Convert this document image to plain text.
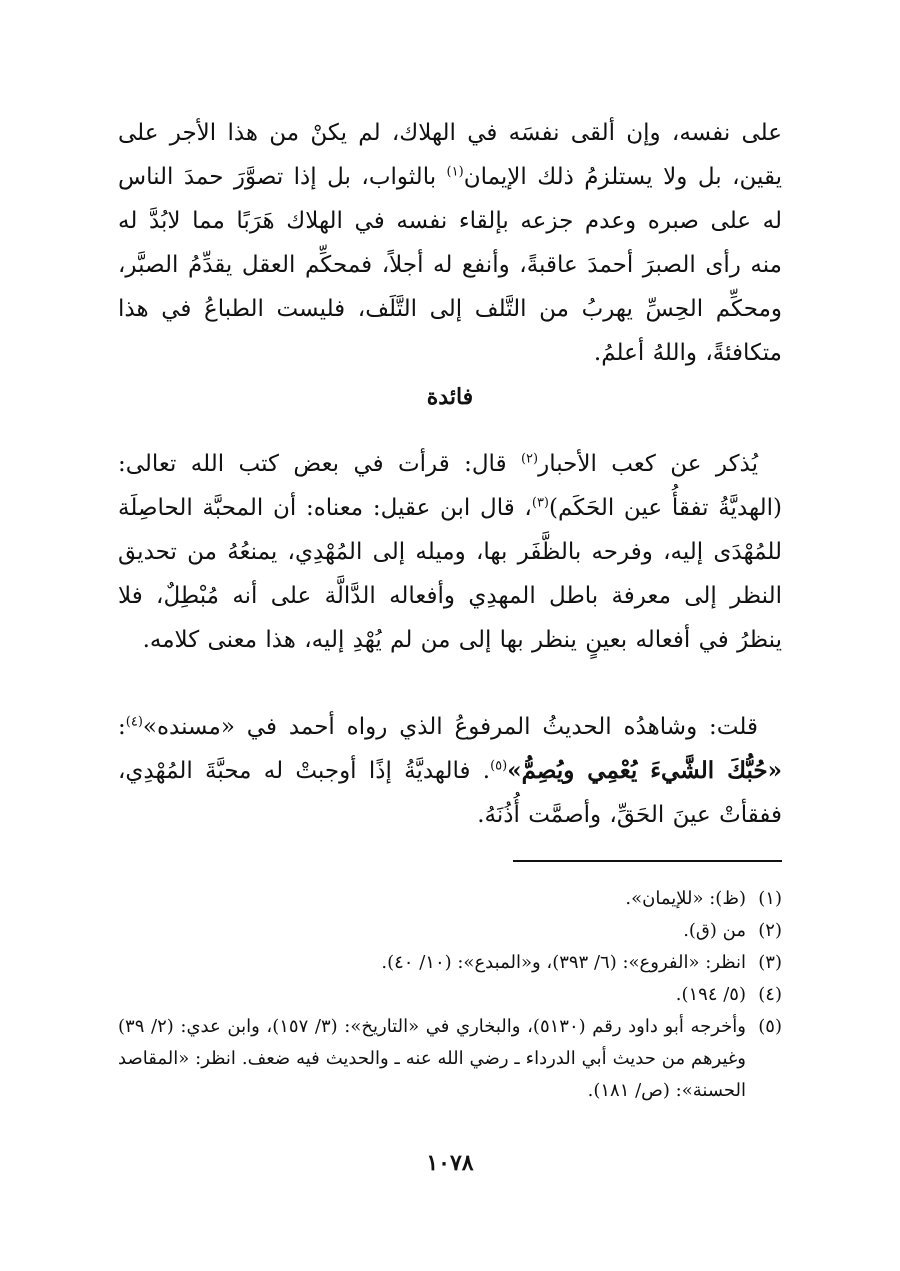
على نفسه، وإن ألقى نفسَه في الهلاك، لم يكنْ من هذا الأجر على يقين، بل ولا يستلزمُ ذلك الإيمان$^{(١)}$ بالثواب، بل إذا تصوَّرَ حمدَ الناس له على صبره وعدم جزعه بإلقاء نفسه في الهلاك هَرَبًا مما لابُدَّ له منه رأى الصبرَ أحمدَ عاقبةً، وأنفع له أجلاً، فمحكِّم العقل يقدِّمُ الصبَّر، ومحكِّم الحِسِّ يهربُ من التَّلف إلى التَّلَف، فليست الطباعُ في هذا متكافئةً، واللهُ أعلمُ.

فائدة

يُذكر عن كعب الأحبار$^{(٢)}$ قال: قرأت في بعض كتب الله تعالى: (الهديَّةُ تفقأُ عين الحَكَم)$^{(٣)}$، قال ابن عقيل: معناه: أن المحبَّة الحاصِلَة للمُهْدَى إليه، وفرحه بالظَّفَر بها، وميله إلى المُهْدِي، يمنعُهُ من تحديق النظر إلى معرفة باطل المهدِي وأفعاله الدَّالَّة على أنه مُبْطِلٌ، فلا ينظرُ في أفعاله بعينٍ ينظر بها إلى من لم يُهْدِ إليه، هذا معنى كلامه.

قلت: وشاهدُه الحديثُ المرفوعُ الذي رواه أحمد في «مسنده»$^{(٤)}$: «حُبُّكَ الشَّيءَ يُعْمِي ويُصِمُّ»$^{(٥)}$. فالهديَّةُ إذًا أوجبتْ له محبَّةَ المُهْدِي، ففقأتْ عينَ الحَقِّ، وأصمَّت أُذُنَهُ.

(١)
(ظ): «للإيمان».
(٢)
من (ق).
(٣)
انظر: «الفروع»: (٦/ ٣٩٣)، و«المبدع»: (١٠/ ٤٠).
(٤)
(٥/ ١٩٤).
(٥)
وأخرجه أبو داود رقم (٥١٣٠)، والبخاري في «التاريخ»: (٣/ ١٥٧)، وابن عدي: (٢/ ٣٩) وغيرهم من حديث أبي الدرداء ـ رضي الله عنه ـ والحديث فيه ضعف. انظر: «المقاصد الحسنة»: (ص/ ١٨١).
١٠٧٨
